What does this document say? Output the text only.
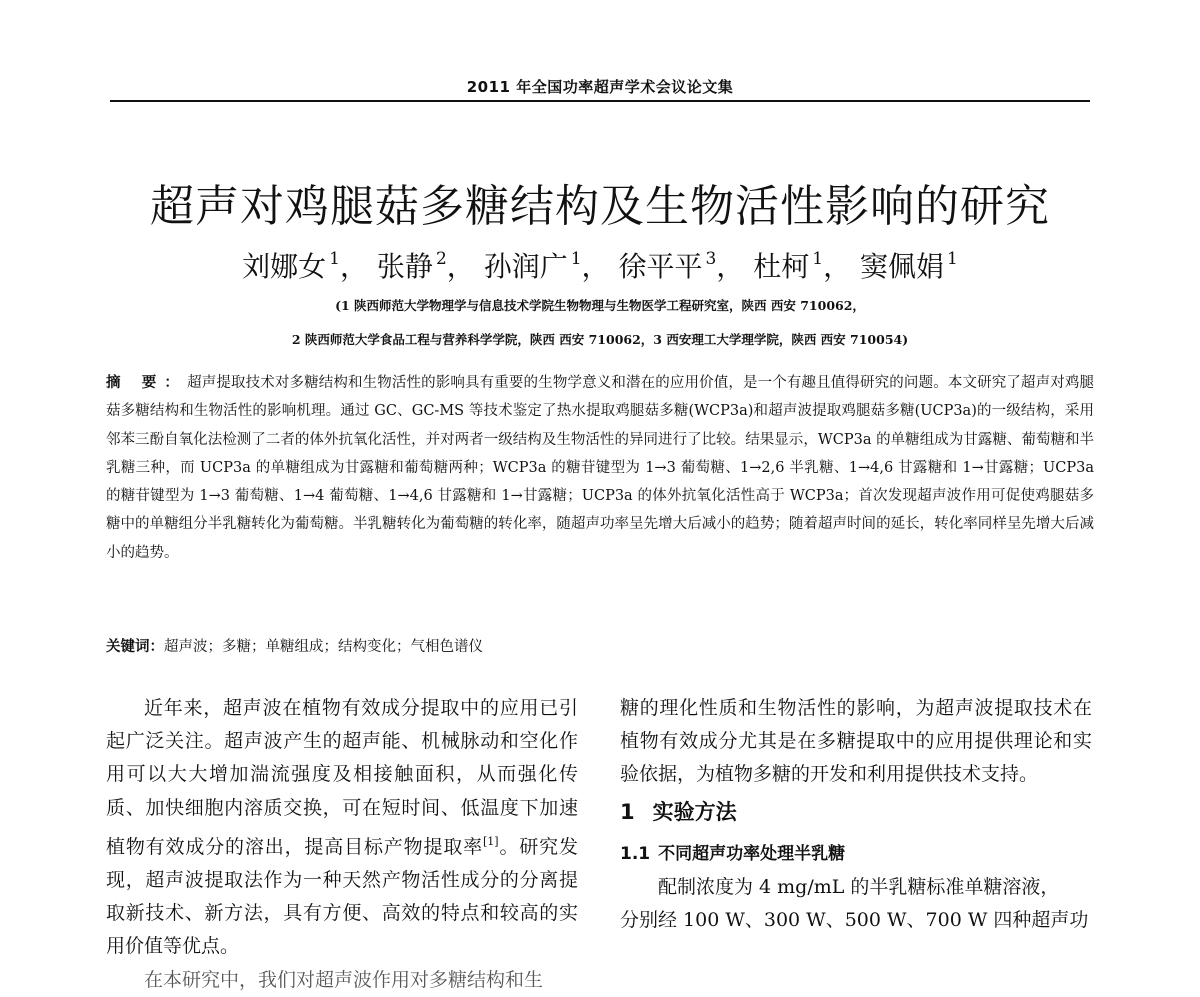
2011 年全国功率超声学术会议论文集
超声对鸡腿菇多糖结构及生物活性影响的研究
刘娜女 $^1$， 张静 $^2$， 孙润广 $^1$， 徐平平 $^3$， 杜柯 $^1$， 窦佩娟 $^1$
(1 陕西师范大学物理学与信息技术学院生物物理与生物医学工程研究室，陕西 西安 710062，
2 陕西师范大学食品工程与营养科学学院，陕西 西安 710062，3 西安理工大学理学院，陕西 西安 710054)
摘 要：超声提取技术对多糖结构和生物活性的影响具有重要的生物学意义和潜在的应用价值，是一个有趣且值得研究的问题。本文研究了超声对鸡腿菇多糖结构和生物活性的影响机理。通过 GC、GC-MS 等技术鉴定了热水提取鸡腿菇多糖(WCP3a)和超声波提取鸡腿菇多糖(UCP3a)的一级结构，采用邻苯三酚自氧化法检测了二者的体外抗氧化活性，并对两者一级结构及生物活性的异同进行了比较。结果显示，WCP3a 的单糖组成为甘露糖、葡萄糖和半乳糖三种，而 UCP3a 的单糖组成为甘露糖和葡萄糖两种；WCP3a 的糖苷键型为 1→3 葡萄糖、1→2,6 半乳糖、1→4,6 甘露糖和 1→甘露糖；UCP3a 的糖苷键型为 1→3 葡萄糖、1→4 葡萄糖、1→4,6 甘露糖和 1→甘露糖；UCP3a 的体外抗氧化活性高于 WCP3a；首次发现超声波作用可促使鸡腿菇多糖中的单糖组分半乳糖转化为葡萄糖。半乳糖转化为葡萄糖的转化率，随超声功率呈先增大后减小的趋势；随着超声时间的延长，转化率同样呈先增大后减小的趋势。
关键词：超声波；多糖；单糖组成；结构变化；气相色谱仪

近年来，超声波在植物有效成分提取中的应用已引起广泛关注。超声波产生的超声能、机械脉动和空化作用可以大大增加湍流强度及相接触面积，从而强化传质、加快细胞内溶质交换，可在短时间、低温度下加速植物有效成分的溶出，提高目标产物提取率[1]。研究发现，超声波提取法作为一种天然产物活性成分的分离提取新技术、新方法，具有方便、高效的特点和较高的实用价值等优点。

在本研究中，我们对超声波作用对多糖结构和生

糖的理化性质和生物活性的影响，为超声波提取技术在植物有效成分尤其是在多糖提取中的应用提供理论和实验依据，为植物多糖的开发和利用提供技术支持。

1 实验方法

1.1 不同超声功率处理半乳糖

配制浓度为 4 mg/mL 的半乳糖标准单糖溶液，

分别经 100 W、300 W、500 W、700 W 四种超声功
